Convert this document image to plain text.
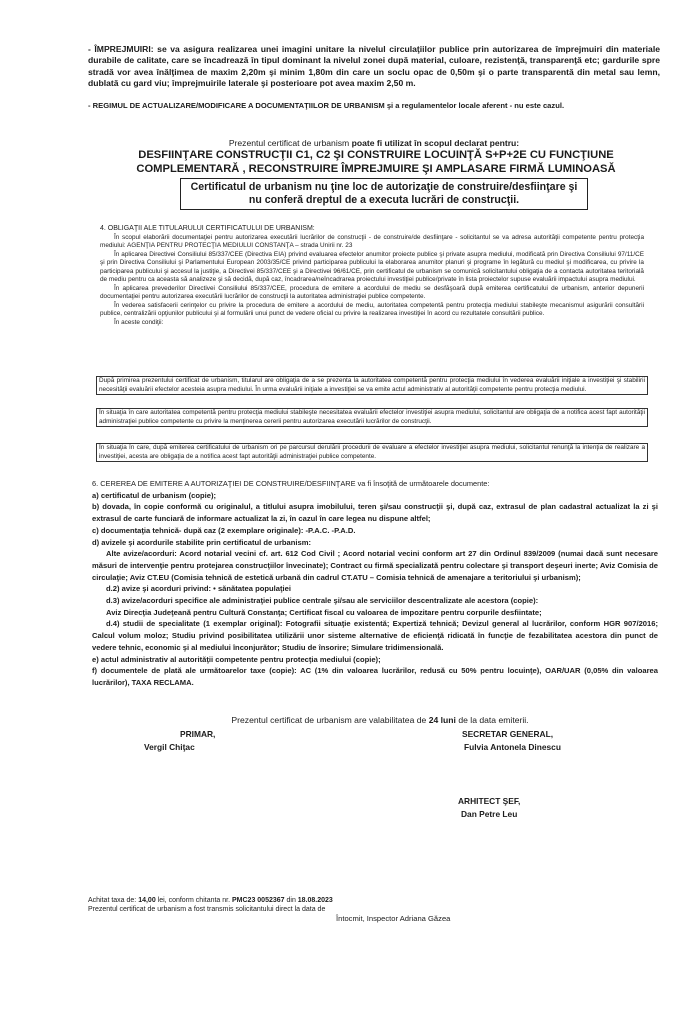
- ÎMPREJMUIRI: se va asigura realizarea unei imagini unitare la nivelul circulaţiilor publice prin autorizarea de împrejmuiri din materiale durabile de calitate, care se încadrează în tipul dominant la nivelul zonei după material, culoare, rezistenţă, transparenţă etc; gardurile spre stradă vor avea înălţimea de maxim 2,20m şi minim 1,80m din care un soclu opac de 0,50m şi o parte transparentă din metal sau lemn, dublată cu gard viu; împrejmuirile laterale şi posterioare pot avea maxim 2,50 m.

- REGIMUL DE ACTUALIZARE/MODIFICARE A DOCUMENTAŢIILOR DE URBANISM şi a regulamentelor locale aferent - nu este cazul.

Prezentul certificat de urbanism poate fi utilizat în scopul declarat pentru:
DESFIINŢARE CONSTRUCŢII C1, C2 ŞI CONSTRUIRE LOCUINŢĂ S+P+2E CU FUNCŢIUNE COMPLEMENTARĂ , RECONSTRUIRE ÎMPREJMUIRE ŞI AMPLASARE FIRMĂ LUMINOASĂ
Certificatul de urbanism nu ţine loc de autorizaţie de construire/desfiinţare şi nu conferă dreptul de a executa lucrări de construcţii.

4. OBLIGAŢII ALE TITULARULUI CERTIFICATULUI DE URBANISM:

În scopul elaborării documentaţiei pentru autorizarea executării lucrărilor de construcţii - de construire/de desfiinţare - solicitantul se va adresa autorităţii competente pentru protecţia mediului: AGENŢIA PENTRU PROTECŢIA MEDIULUI CONSTANŢA – strada Unirii nr. 23

În aplicarea Directivei Consiliului 85/337/CEE (Directiva EIA) privind evaluarea efectelor anumitor proiecte publice şi private asupra mediului, modificată prin Directiva Consiliului 97/11/CE şi prin Directiva Consiliului şi Parlamentului European 2003/35/CE privind participarea publicului la elaborarea anumitor planuri şi programe în legătură cu mediul şi modificarea, cu privire la participarea publicului şi accesul la justiţie, a Directivei 85/337/CEE şi a Directivei 96/61/CE, prin certificatul de urbanism se comunică solicitantului obligaţia de a contacta autoritatea teritorială de mediu pentru ca aceasta să analizeze şi să decidă, după caz, încadrarea/neîncadrarea proiectului investiţiei publice/private în lista proiectelor supuse evaluării impactului asupra mediului.

În aplicarea prevederilor Directivei Consiliului 85/337/CEE, procedura de emitere a acordului de mediu se desfăşoară după emiterea certificatului de urbanism, anterior depunerii documentaţiei pentru autorizarea executării lucrărilor de construcţii la autoritatea administraţiei publice competente.

În vederea satisfacerii cerinţelor cu privire la procedura de emitere a acordului de mediu, autoritatea competentă pentru protecţia mediului stabileşte mecanismul asigurării consultării publice, centralizării opţiunilor publicului şi al formulării unui punct de vedere oficial cu privire la realizarea investiţiei în acord cu rezultatele consultării publice.

În aceste condiţii:

După primirea prezentului certificat de urbanism, titularul are obligaţia de a se prezenta la autoritatea competentă pentru protecţia mediului în vederea evaluării iniţiale a investiţiei şi stabilirii necesităţii evaluării efectelor acesteia asupra mediului. În urma evaluării iniţiale a investiţiei se va emite actul administrativ al autorităţii competente pentru protecţia mediului.
În situaţia în care autoritatea competentă pentru protecţia mediului stabileşte necesitatea evaluării efectelor investiţiei asupra mediului, solicitantul are obligaţia de a notifica acest fapt autorităţii administraţiei publice competente cu privire la menţinerea cererii pentru autorizarea executării lucrărilor de construcţii.
În situaţia în care, după emiterea certificatului de urbanism ori pe parcursul derulării procedurii de evaluare a efectelor investiţiei asupra mediului, solicitantul renunţă la intenţia de realizare a investiţiei, acesta are obligaţia de a notifica acest fapt autorităţii administraţiei publice competente.

6. CEREREA DE EMITERE A AUTORIZAŢIEI DE CONSTRUIRE/DESFIINŢARE va fi însoţită de următoarele documente:

a) certificatul de urbanism (copie);

b) dovada, în copie conformă cu originalul, a titlului asupra imobilului, teren şi/sau construcţii şi, după caz, extrasul de plan cadastral actualizat la zi şi extrasul de carte funciară de informare actualizat la zi, în cazul în care legea nu dispune altfel;

c) documentaţia tehnică- după caz (2 exemplare originale): -P.A.C. -P.A.D.

d) avizele şi acordurile stabilite prin certificatul de urbanism:

Alte avize/acorduri: Acord notarial vecini cf. art. 612 Cod Civil ; Acord notarial vecini conform art 27 din Ordinul 839/2009 (numai dacă sunt necesare măsuri de intervenţie pentru protejarea construcţiilor învecinate); Contract cu firmă specializată pentru colectare şi transport deşeuri inerte; Aviz Comisia de circulaţie; Aviz CT.EU (Comisia tehnică de estetică urbană din cadrul CT.ATU – Comisia tehnică de amenajare a teritoriului şi urbanism);

d.2) avize şi acorduri privind: • sănătatea populaţiei

d.3) avize/acorduri specifice ale administraţiei publice centrale şi/sau ale serviciilor descentralizate ale acestora (copie):

Aviz Direcţia Judeţeană pentru Cultură Constanţa; Certificat fiscal cu valoarea de impozitare pentru corpurile desfiintate;

d.4) studii de specialitate (1 exemplar original): Fotografii situaţie existentă; Expertiză tehnică; Devizul general al lucrărilor, conform HGR 907/2016; Calcul volum moloz; Studiu privind posibilitatea utilizării unor sisteme alternative de eficienţă ridicată în funcţie de fezabilitatea acestora din punct de vedere tehnic, economic şi al mediului înconjurător; Studiu de însorire; Simulare tridimensională.

e) actul administrativ al autorităţii competente pentru protecţia mediului (copie);

f) documentele de plată ale următoarelor taxe (copie): AC (1% din valoarea lucrărilor, redusă cu 50% pentru locuinţe), OAR/UAR (0,05% din valoarea lucrărilor), TAXA RECLAMA.

Prezentul certificat de urbanism are valabilitatea de 24 luni de la data emiterii.
PRIMAR,
Vergil Chiţac
SECRETAR GENERAL,
Fulvia Antonela Dinescu
ARHITECT ŞEF,
Dan Petre Leu
Achitat taxa de: 14,00 lei, conform chitanta nr. PMC23 0052367 din 18.08.2023
Prezentul certificat de urbanism a fost transmis solicitantului direct la data de
Întocmit, Inspector Adriana Găzea
